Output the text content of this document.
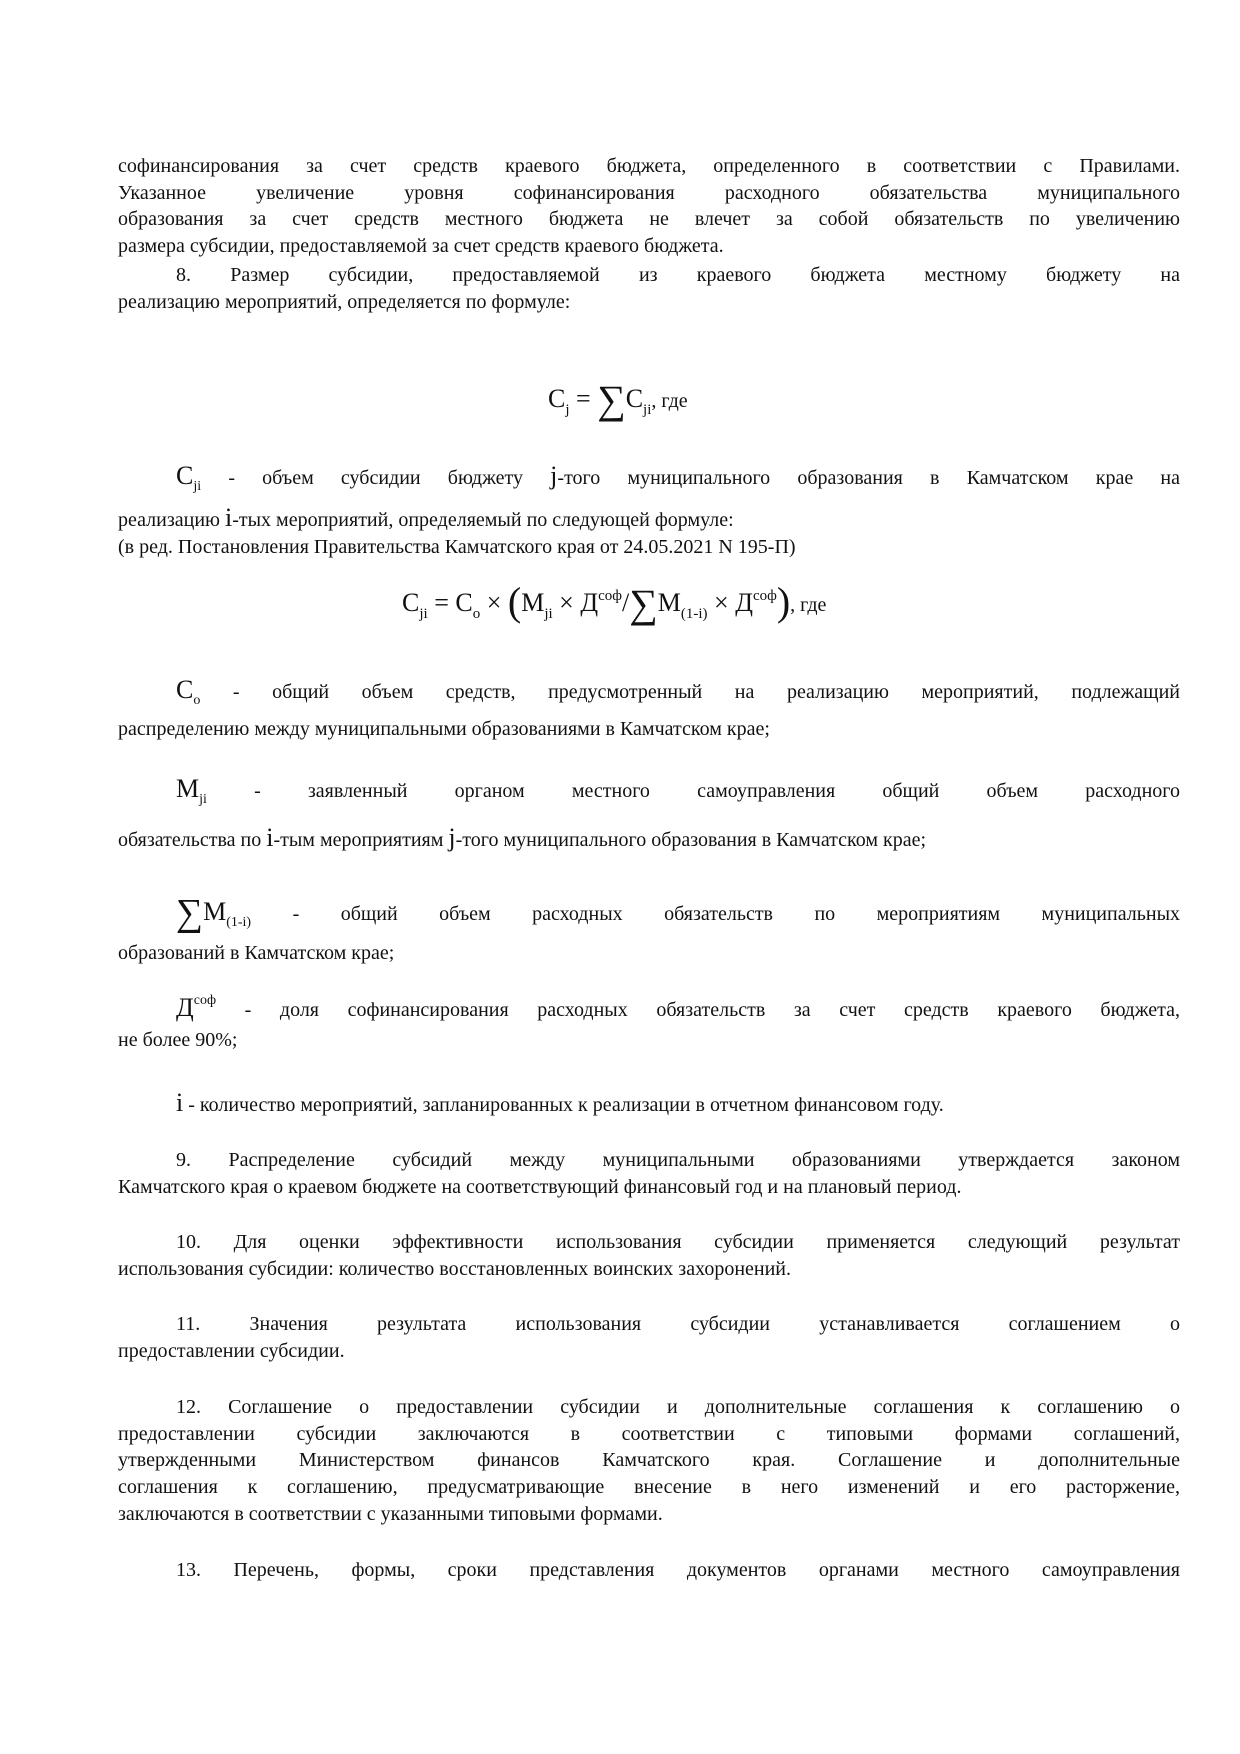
софинансирования за счет средств краевого бюджета, определенного в соответствии с Правилами.
Указанное увеличение уровня софинансирования расходного обязательства муниципального
образования за счет средств местного бюджета не влечет за собой обязательств по увеличению
размера субсидии, предоставляемой за счет средств краевого бюджета.
8. Размер субсидии, предоставляемой из краевого бюджета местному бюджету на
реализацию мероприятий, определяется по формуле:
$C_j = \sum C_{ji}$, где
$C_{ji}$ - объем субсидии бюджету j-того муниципального образования в Камчатском крае на
реализацию i-тых мероприятий, определяемый по следующей формуле:
(в ред. Постановления Правительства Камчатского края от 24.05.2021 N 195-П)
$C_{ji} = C_o \times (M_{ji} \times Д^{соф}/\sum M_{(1-i)} \times Д^{соф})$, где
$C_o$ - общий объем средств, предусмотренный на реализацию мероприятий, подлежащий
распределению между муниципальными образованиями в Камчатском крае;
$M_{ji}$ - заявленный органом местного самоуправления общий объем расходного
обязательства по i-тым мероприятиям j-того муниципального образования в Камчатском крае;
$\sum M_{(1-i)}$ - общий объем расходных обязательств по мероприятиям муниципальных
образований в Камчатском крае;
$Д^{соф}$ - доля софинансирования расходных обязательств за счет средств краевого бюджета,
не более 90%;
i - количество мероприятий, запланированных к реализации в отчетном финансовом году.
9. Распределение субсидий между муниципальными образованиями утверждается законом
Камчатского края о краевом бюджете на соответствующий финансовый год и на плановый период.
10. Для оценки эффективности использования субсидии применяется следующий результат
использования субсидии: количество восстановленных воинских захоронений.
11. Значения результата использования субсидии устанавливается соглашением о
предоставлении субсидии.
12. Соглашение о предоставлении субсидии и дополнительные соглашения к соглашению о
предоставлении субсидии заключаются в соответствии с типовыми формами соглашений,
утвержденными Министерством финансов Камчатского края. Соглашение и дополнительные
соглашения к соглашению, предусматривающие внесение в него изменений и его расторжение,
заключаются в соответствии с указанными типовыми формами.
13. Перечень, формы, сроки представления документов органами местного самоуправления
